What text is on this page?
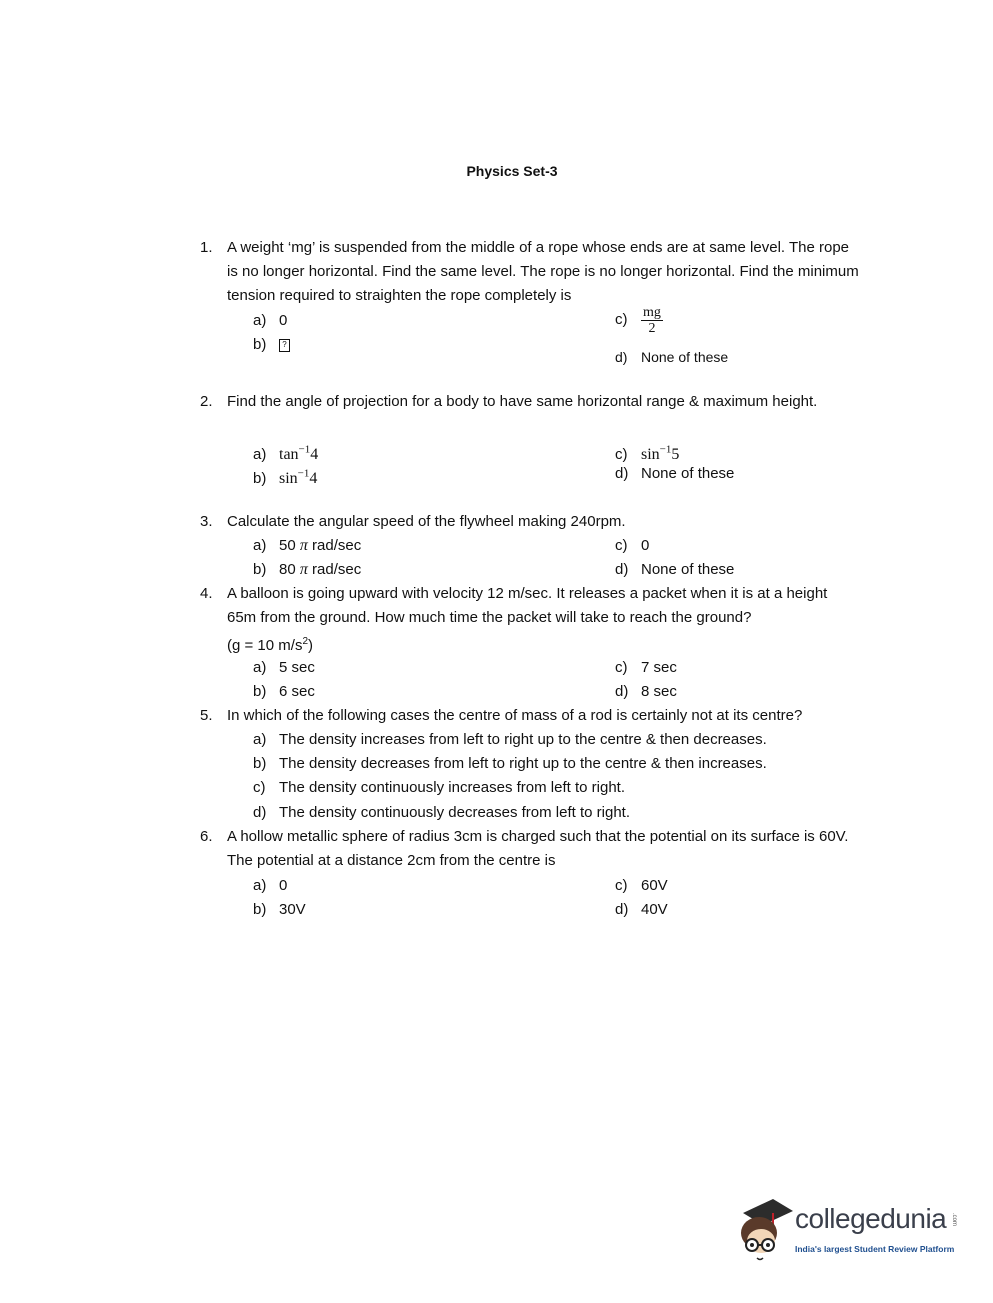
Physics Set-3
1. A weight ‘mg’ is suspended from the middle of a rope whose ends are at same level. The rope is no longer horizontal. Find the same level. The rope is no longer horizontal. Find the minimum tension required to straighten the rope completely is
a) 0
b) ?
$c) \frac{mg}{2}$
d) None of these
2. Find the angle of projection for a body to have same horizontal range & maximum height.
a) $\tan^{-1}4$
b) $\sin^{-1}4$
c) $\sin^{-1}5$
d) None of these
3. Calculate the angular speed of the flywheel making 240rpm.
a) 50 π rad/sec
b) 80 π rad/sec
c) 0
d) None of these
4. A balloon is going upward with velocity 12 m/sec. It releases a packet when it is at a height 65m from the ground. How much time the packet will take to reach the ground?
(g = 10 $m/s^2$)
a) 5 sec
b) 6 sec
c) 7 sec
d) 8 sec
5. In which of the following cases the centre of mass of a rod is certainly not at its centre?
a) The density increases from left to right up to the centre & then decreases.
b) The density decreases from left to right up to the centre & then increases.
c) The density continuously increases from left to right.
d) The density continuously decreases from left to right.
6. A hollow metallic sphere of radius 3cm is charged such that the potential on its surface is 60V. The potential at a distance 2cm from the centre is
a) 0
b) 30V
c) 60V
d) 40V
collegedunia .com
India's largest Student Review Platform
